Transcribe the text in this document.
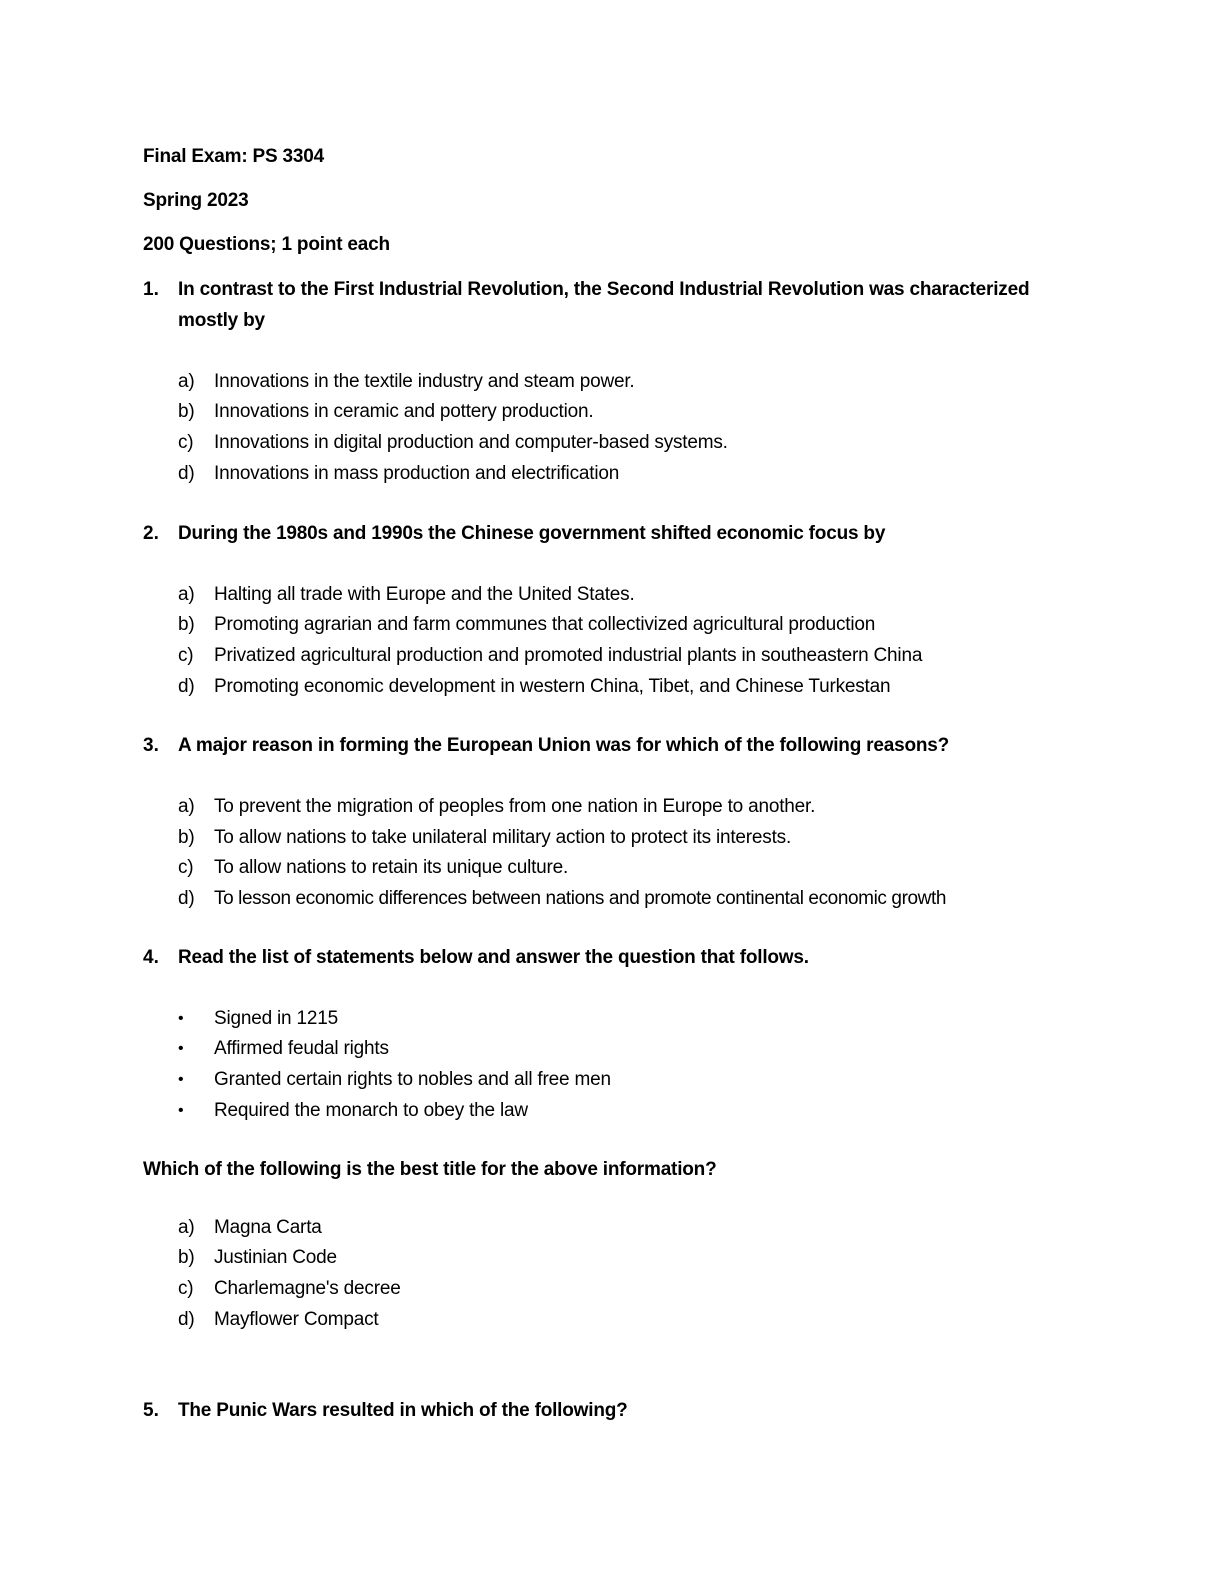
Final Exam: PS 3304
Spring 2023
200 Questions; 1 point each
1. In contrast to the First Industrial Revolution, the Second Industrial Revolution was characterized
mostly by
a) Innovations in the textile industry and steam power.
b) Innovations in ceramic and pottery production.
c) Innovations in digital production and computer-based systems.
d) Innovations in mass production and electrification
2. During the 1980s and 1990s the Chinese government shifted economic focus by
a) Halting all trade with Europe and the United States.
b) Promoting agrarian and farm communes that collectivized agricultural production
c) Privatized agricultural production and promoted industrial plants in southeastern China
d) Promoting economic development in western China, Tibet, and Chinese Turkestan
3. A major reason in forming the European Union was for which of the following reasons?
a) To prevent the migration of peoples from one nation in Europe to another.
b) To allow nations to take unilateral military action to protect its interests.
c) To allow nations to retain its unique culture.
d) To lesson economic differences between nations and promote continental economic growth
4. Read the list of statements below and answer the question that follows.
• Signed in 1215
• Affirmed feudal rights
• Granted certain rights to nobles and all free men
• Required the monarch to obey the law
Which of the following is the best title for the above information?
a) Magna Carta
b) Justinian Code
c) Charlemagne's decree
d) Mayflower Compact
5. The Punic Wars resulted in which of the following?
